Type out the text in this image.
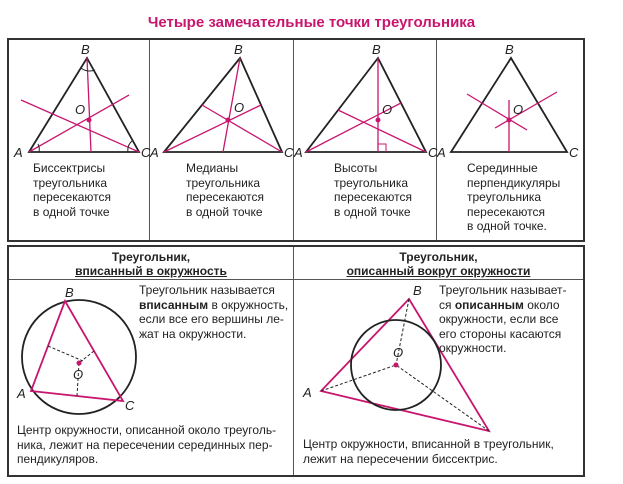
Четыре замечательные точки треугольника
A
B
C
O
Биссектрисы
треугольника
пересекаются
в одной точке
A
B
C
O
Медианы
треугольника
пересекаются
в одной точке
A
B
C
O
Высоты
треугольника
пересекаются
в одной точке
A
B
C
O
Серединные
перпендикуляры
треугольника
пересекаются
в одной точке.
Треугольник,
вписанный в окружность
Треугольник,
описанный вокруг окружности
B
A
C
O
Треугольник называется
вписанным в окружность,
если все его вершины ле-
жат на окружности.
Центр окружности, описанной около треуголь-
ника, лежит на пересечении серединных пер-
пендикуляров.
A
B
O
Треугольник называет-
ся описанным около
окружности, если все
его стороны касаются
окружности.
Центр окружности, вписанной в треугольник,
лежит на пересечении биссектрис.
